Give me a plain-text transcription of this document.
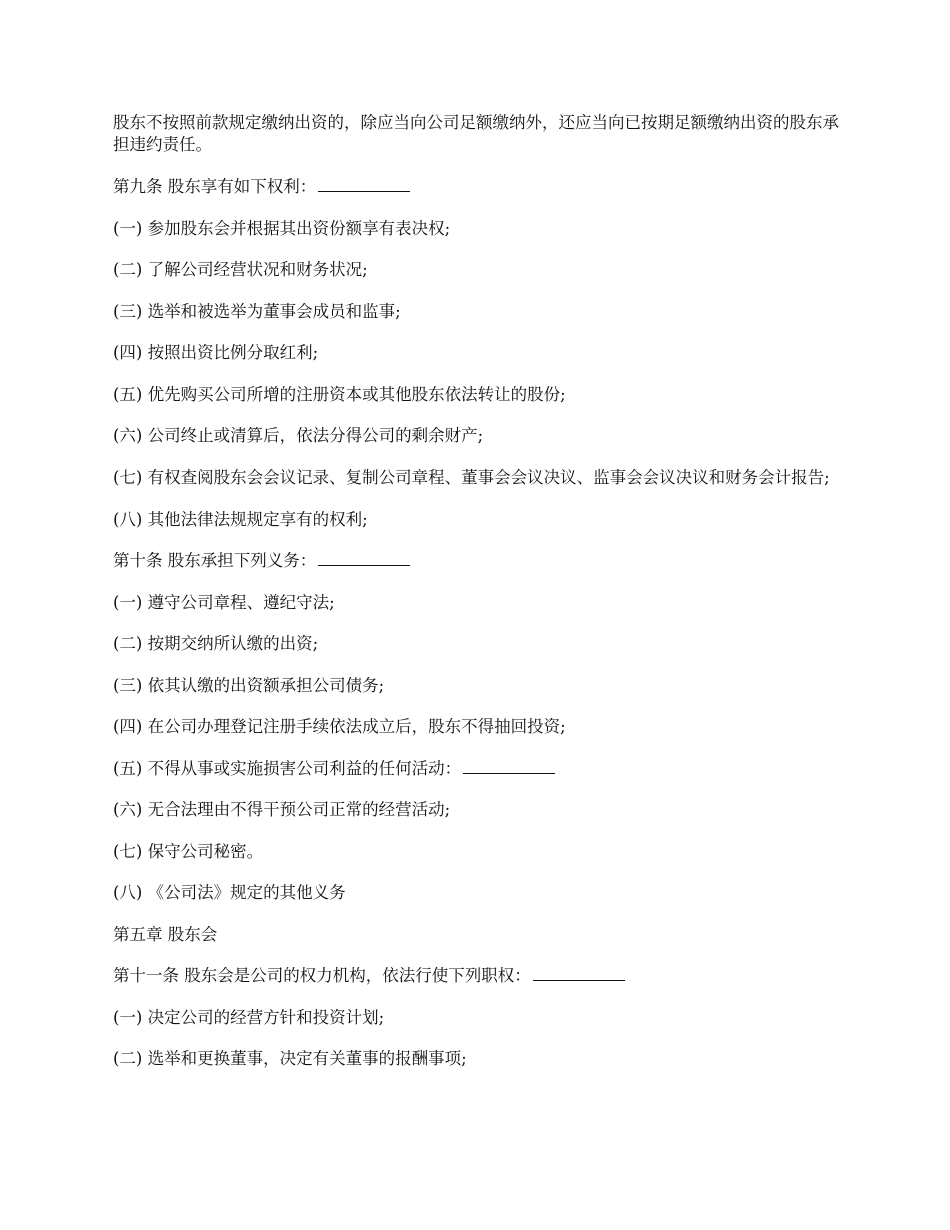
股东不按照前款规定缴纳出资的，除应当向公司足额缴纳外，还应当向已按期足额缴纳出资的股东承担违约责任。

第九条 股东享有如下权利：
(一) 参加股东会并根据其出资份额享有表决权;
(二) 了解公司经营状况和财务状况;
(三) 选举和被选举为董事会成员和监事;
(四) 按照出资比例分取红利;
(五) 优先购买公司所增的注册资本或其他股东依法转让的股份;
(六) 公司终止或清算后，依法分得公司的剩余财产;

(七) 有权查阅股东会会议记录、复制公司章程、董事会会议决议、监事会会议决议和财务会计报告;

(八) 其他法律法规规定享有的权利;
第十条 股东承担下列义务：
(一) 遵守公司章程、遵纪守法;
(二) 按期交纳所认缴的出资;
(三) 依其认缴的出资额承担公司债务;
(四) 在公司办理登记注册手续依法成立后，股东不得抽回投资;
(五) 不得从事或实施损害公司利益的任何活动：
(六) 无合法理由不得干预公司正常的经营活动;
(七) 保守公司秘密。
(八) 《公司法》规定的其他义务
第五章 股东会
第十一条 股东会是公司的权力机构，依法行使下列职权：
(一) 决定公司的经营方针和投资计划;
(二) 选举和更换董事，决定有关董事的报酬事项;
